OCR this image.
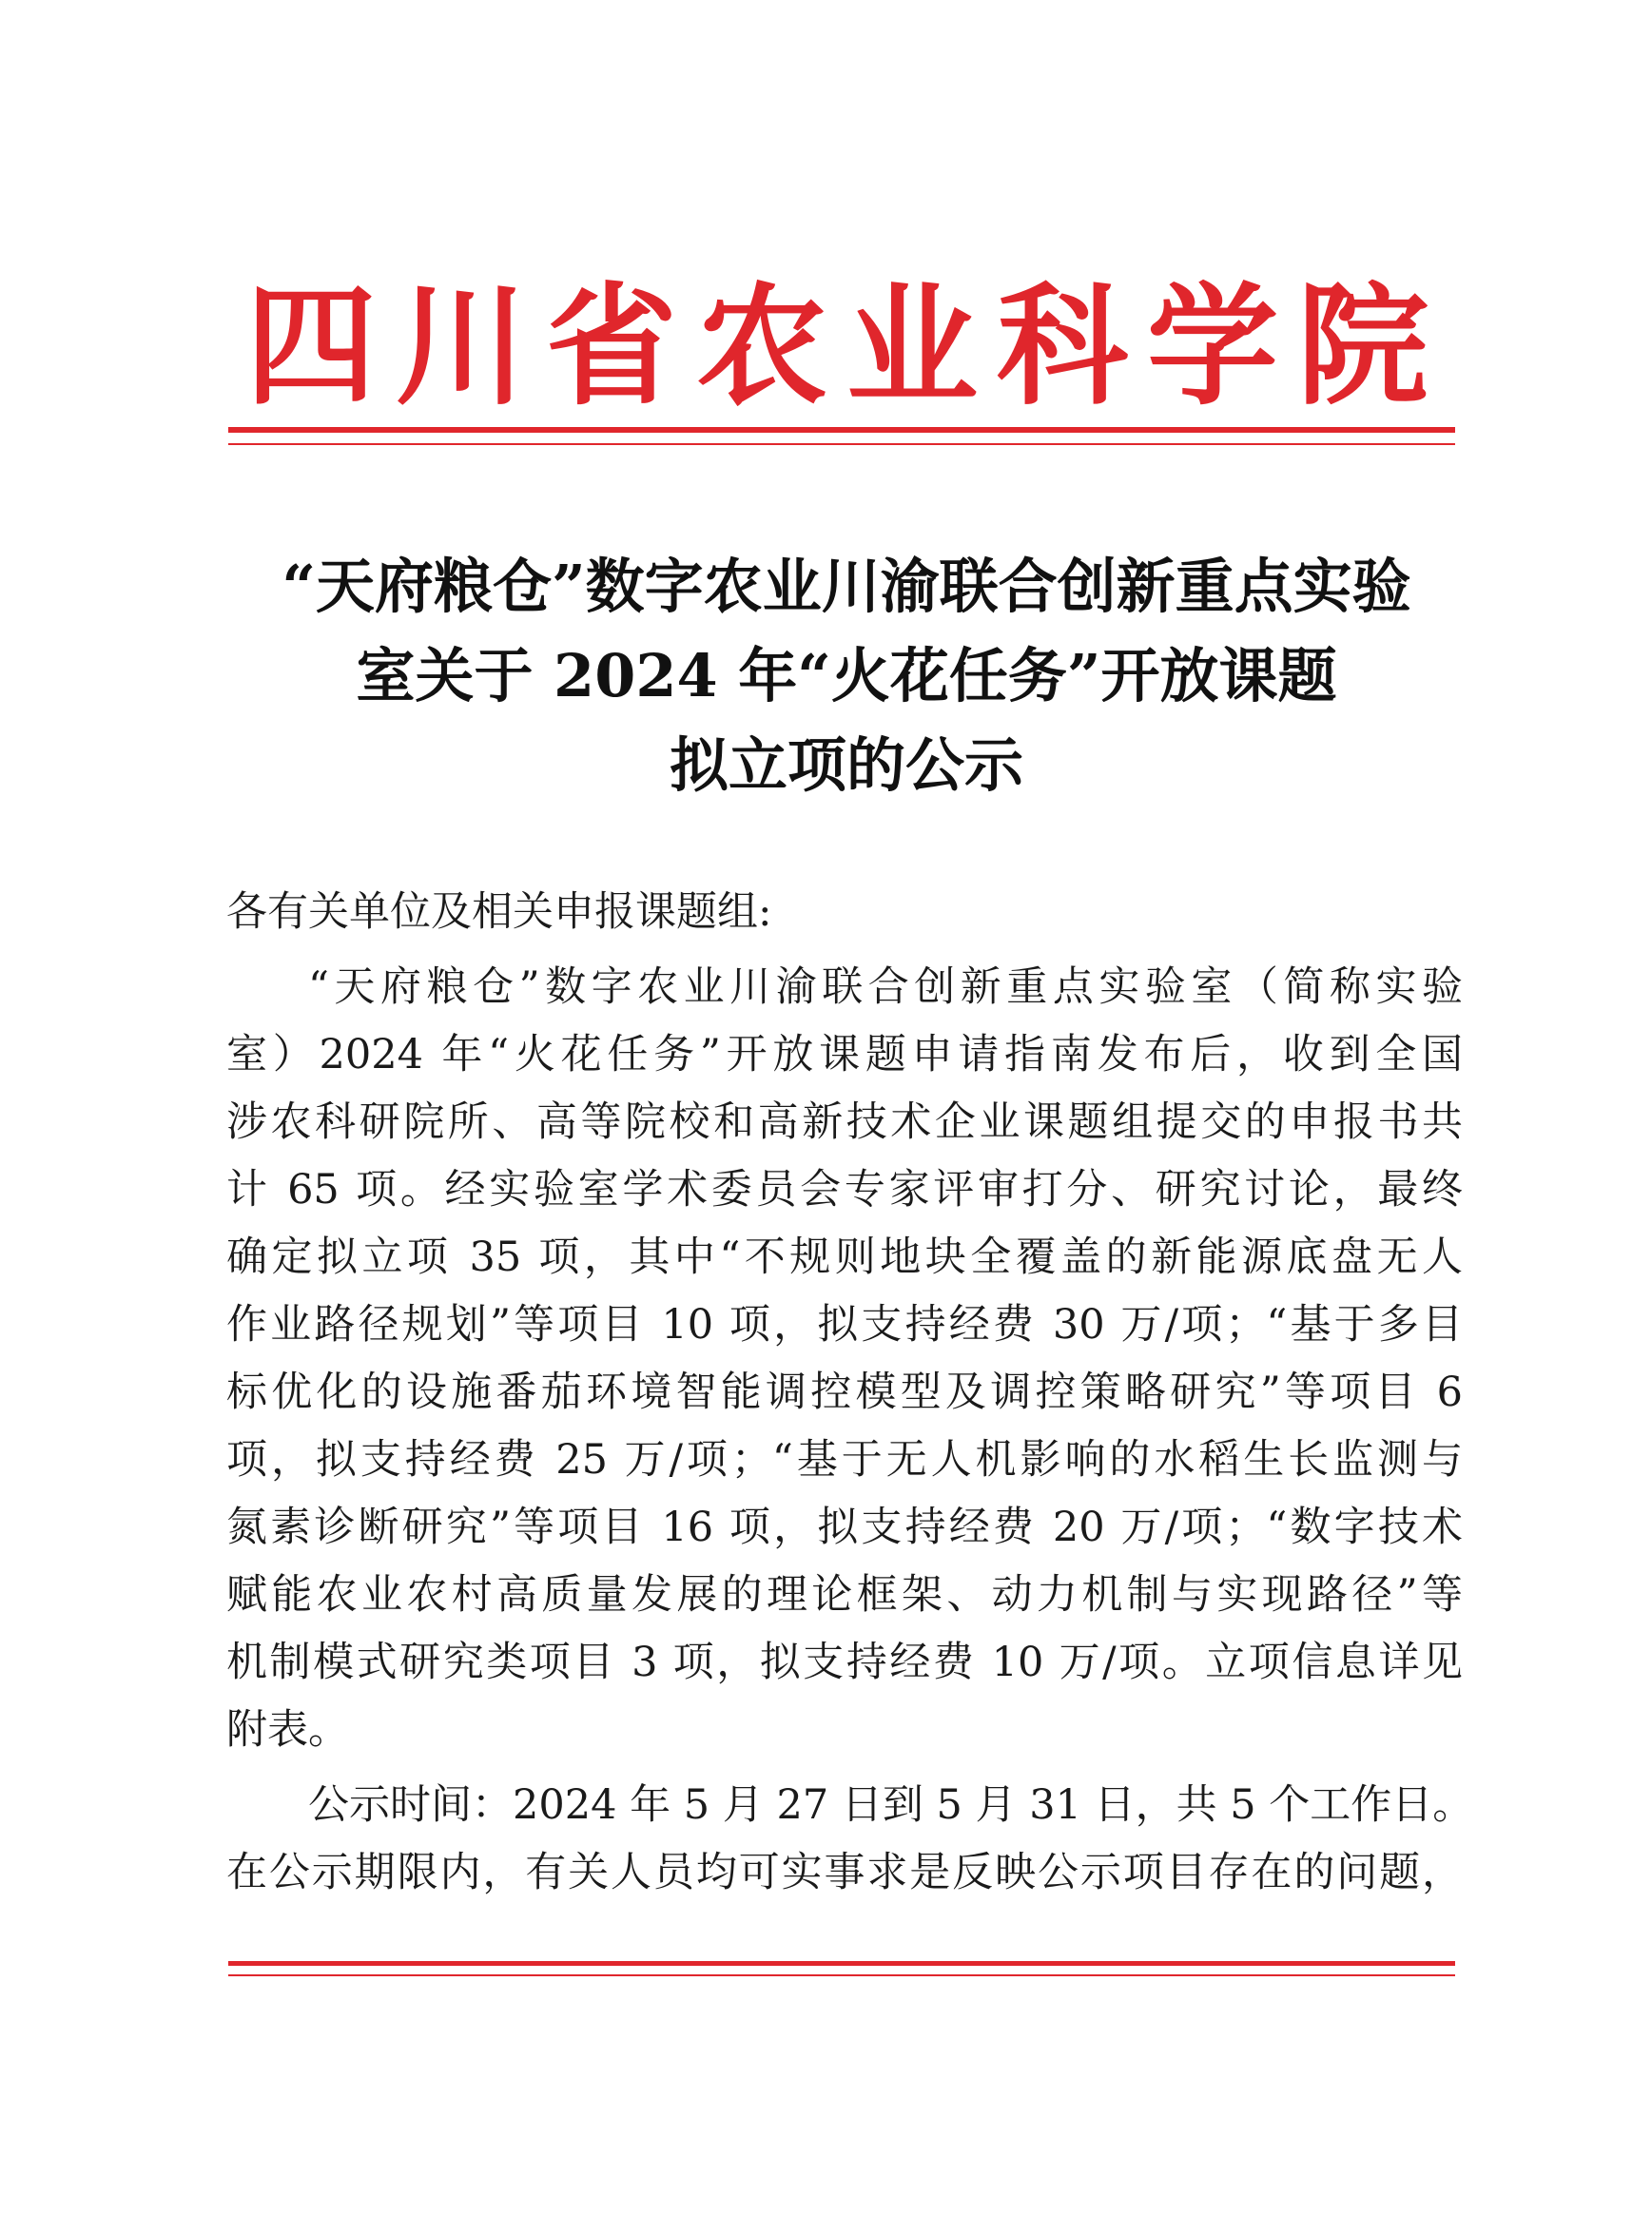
四川省农业科学院
“天府粮仓”数字农业川渝联合创新重点实验
室关于 2024 年“火花任务”开放课题
拟立项的公示
各有关单位及相关申报课题组:
“天府粮仓”数字农业川渝联合创新重点实验室（简称实验
室）2024 年“火花任务”开放课题申请指南发布后，收到全国
涉农科研院所、高等院校和高新技术企业课题组提交的申报书共
计 65 项。经实验室学术委员会专家评审打分、研究讨论，最终
确定拟立项 35 项，其中“不规则地块全覆盖的新能源底盘无人
作业路径规划”等项目 10 项，拟支持经费 30 万/项；“基于多目
标优化的设施番茄环境智能调控模型及调控策略研究”等项目 6
项，拟支持经费 25 万/项；“基于无人机影响的水稻生长监测与
氮素诊断研究”等项目 16 项，拟支持经费 20 万/项；“数字技术
赋能农业农村高质量发展的理论框架、动力机制与实现路径”等
机制模式研究类项目 3 项，拟支持经费 10 万/项。立项信息详见
附表。
公示时间：2024 年 5 月 27 日到 5 月 31 日，共 5 个工作日。
在公示期限内，有关人员均可实事求是反映公示项目存在的问题，
